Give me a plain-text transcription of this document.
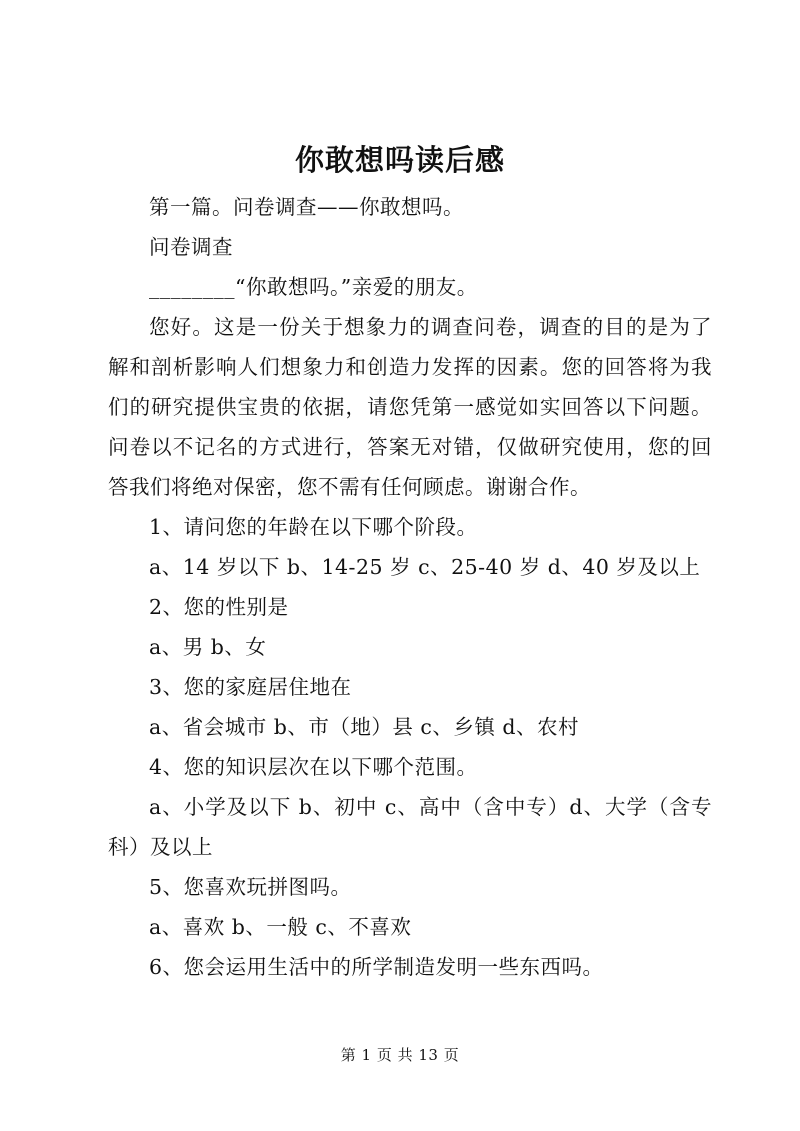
你敢想吗读后感

第一篇。问卷调查——你敢想吗。

问卷调查

________“你敢想吗。”亲爱的朋友。

您好。这是一份关于想象力的调查问卷，调查的目的是为了解和剖析影响人们想象力和创造力发挥的因素。您的回答将为我们的研究提供宝贵的依据，请您凭第一感觉如实回答以下问题。问卷以不记名的方式进行，答案无对错，仅做研究使用，您的回答我们将绝对保密，您不需有任何顾虑。谢谢合作。

1、请问您的年龄在以下哪个阶段。

a、14 岁以下 b、14-25 岁 c、25-40 岁 d、40 岁及以上

2、您的性别是

a、男 b、女

3、您的家庭居住地在

a、省会城市 b、市（地）县 c、乡镇 d、农村

4、您的知识层次在以下哪个范围。

a、小学及以下 b、初中 c、高中（含中专）d、大学（含专科）及以上

5、您喜欢玩拼图吗。

a、喜欢 b、一般 c、不喜欢

6、您会运用生活中的所学制造发明一些东西吗。

第 1 页 共 13 页
